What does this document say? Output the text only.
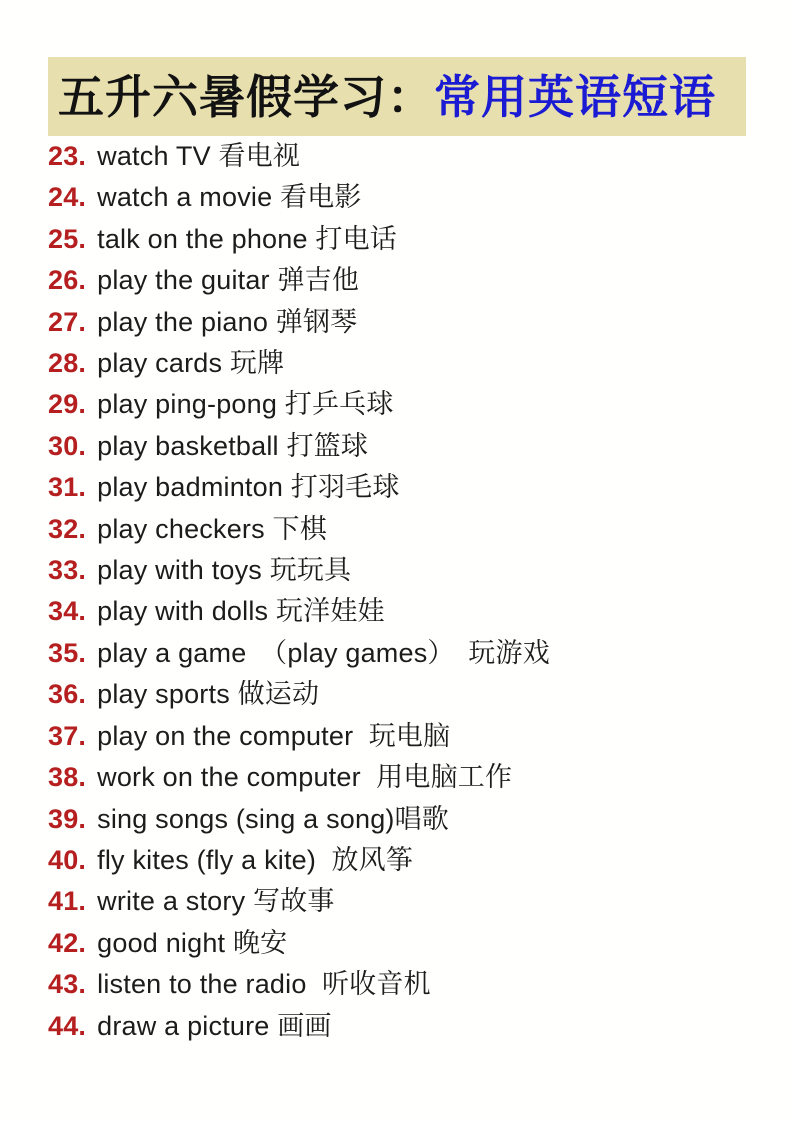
五升六暑假学习：常用英语短语
23. watch TV 看电视
24. watch a movie 看电影
25. talk on the phone 打电话
26. play the guitar 弹吉他
27. play the piano 弹钢琴
28. play cards 玩牌
29. play ping-pong 打乒乓球
30. play basketball 打篮球
31. play badminton 打羽毛球
32. play checkers 下棋
33. play with toys 玩玩具
34. play with dolls 玩洋娃娃
35. play a game　（play games）　玩游戏
36. play sports 做运动
37. play on the computer  玩电脑
38. work on the computer  用电脑工作
39. sing songs (sing a song)唱歌
40. fly kites (fly a kite)  放风筝
41. write a story 写故事
42. good night 晚安
43. listen to the radio  听收音机
44. draw a picture 画画
